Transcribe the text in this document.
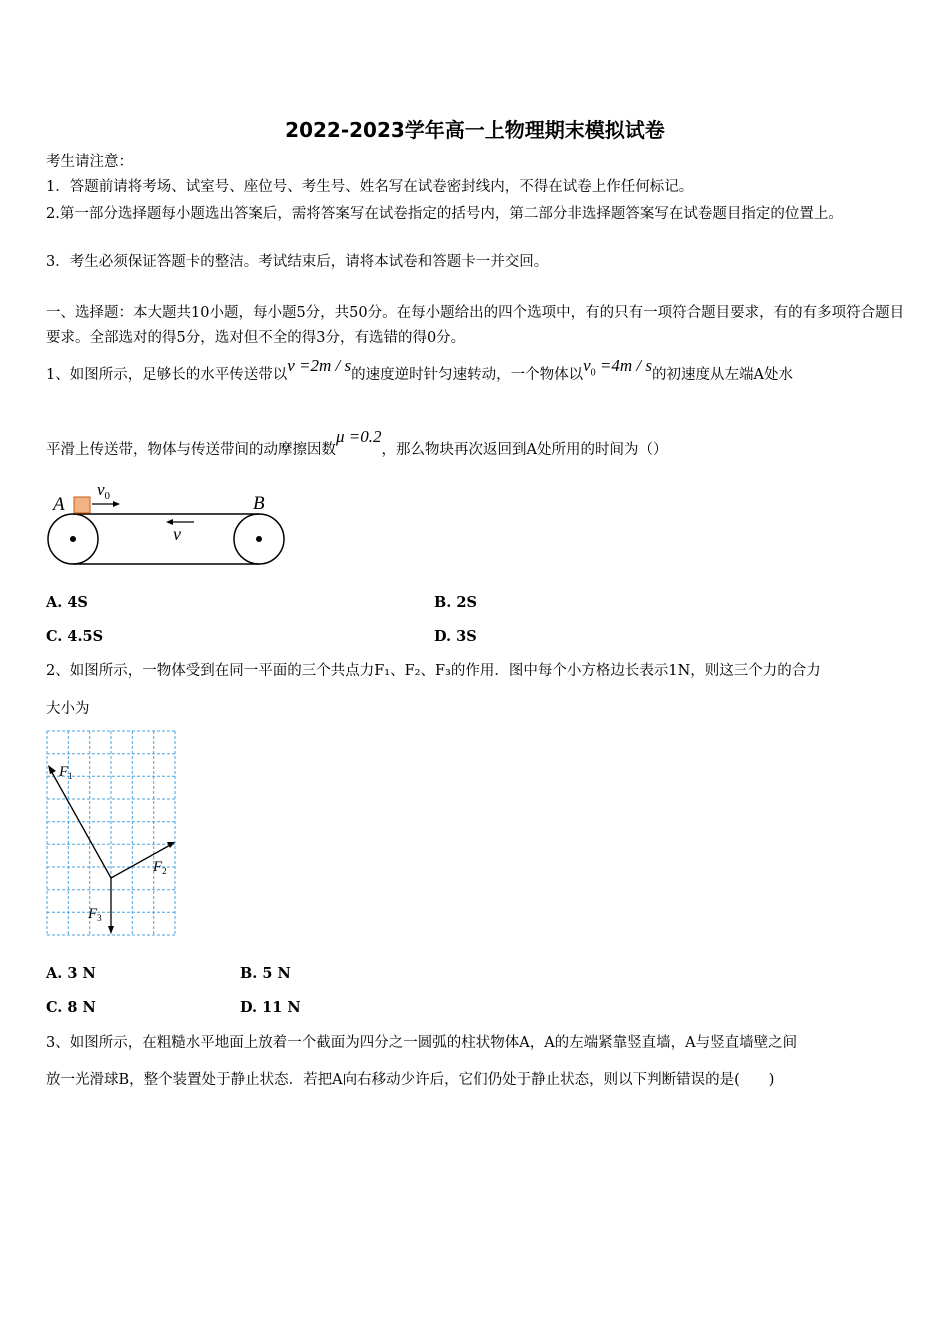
2022-2023学年高一上物理期末模拟试卷
考生请注意：
1．答题前请将考场、试室号、座位号、考生号、姓名写在试卷密封线内，不得在试卷上作任何标记。
2.第一部分选择题每小题选出答案后，需将答案写在试卷指定的括号内，第二部分非选择题答案写在试卷题目指定的位置上。
3．考生必须保证答题卡的整洁。考试结束后，请将本试卷和答题卡一并交回。
一、选择题：本大题共10小题，每小题5分，共50分。在每小题给出的四个选项中，有的只有一项符合题目要求，有的有多项符合题目要求。全部选对的得5分，选对但不全的得3分，有选错的得0分。
1、如图所示，足够长的水平传送带以v =2m / s的速度逆时针匀速转动，一个物体以$v_0 =4m / s$的初速度从左端A处水
平滑上传送带，物体与传送带间的动摩擦因数μ =0.2，那么物块再次返回到A处所用的时间为（）
$v_0$
A	B
v
A. 4S	B. 2S
C. 4.5S	D. 3S
2、如图所示，一物体受到在同一平面的三个共点力F₁、F₂、F₃的作用．图中每个小方格边长表示1N，则这三个力的合力
大小为
$F_1$
$F_2$
$F_3$
A. 3 N	B. 5 N
C. 8 N	D. 11 N
3、如图所示，在粗糙水平地面上放着一个截面为四分之一圆弧的柱状物体A，A的左端紧靠竖直墙，A与竖直墙壁之间
放一光滑球B，整个装置处于静止状态．若把A向右移动少许后，它们仍处于静止状态，则以下判断错误的是(　　)
